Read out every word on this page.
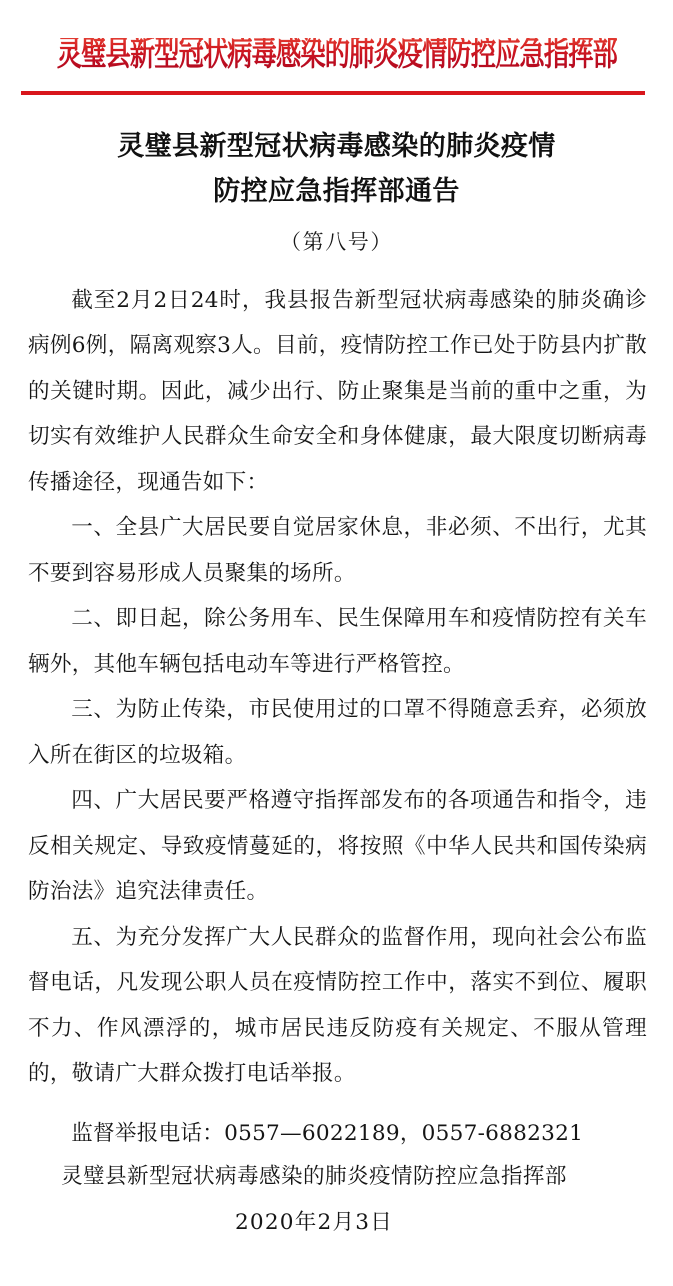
灵璧县新型冠状病毒感染的肺炎疫情防控应急指挥部
灵璧县新型冠状病毒感染的肺炎疫情
防控应急指挥部通告
（第八号）

截至2月2日24时，我县报告新型冠状病毒感染的肺炎确诊病例6例，隔离观察3人。目前，疫情防控工作已处于防县内扩散的关键时期。因此，减少出行、防止聚集是当前的重中之重，为切实有效维护人民群众生命安全和身体健康，最大限度切断病毒传播途径，现通告如下：

一、全县广大居民要自觉居家休息，非必须、不出行，尤其不要到容易形成人员聚集的场所。

二、即日起，除公务用车、民生保障用车和疫情防控有关车辆外，其他车辆包括电动车等进行严格管控。

三、为防止传染，市民使用过的口罩不得随意丢弃，必须放入所在街区的垃圾箱。

四、广大居民要严格遵守指挥部发布的各项通告和指令，违反相关规定、导致疫情蔓延的，将按照《中华人民共和国传染病防治法》追究法律责任。

五、为充分发挥广大人民群众的监督作用，现向社会公布监督电话，凡发现公职人员在疫情防控工作中，落实不到位、履职不力、作风漂浮的，城市居民违反防疫有关规定、不服从管理的，敬请广大群众拨打电话举报。

监督举报电话：0557—6022189，0557-6882321
灵璧县新型冠状病毒感染的肺炎疫情防控应急指挥部
2020年2月3日
